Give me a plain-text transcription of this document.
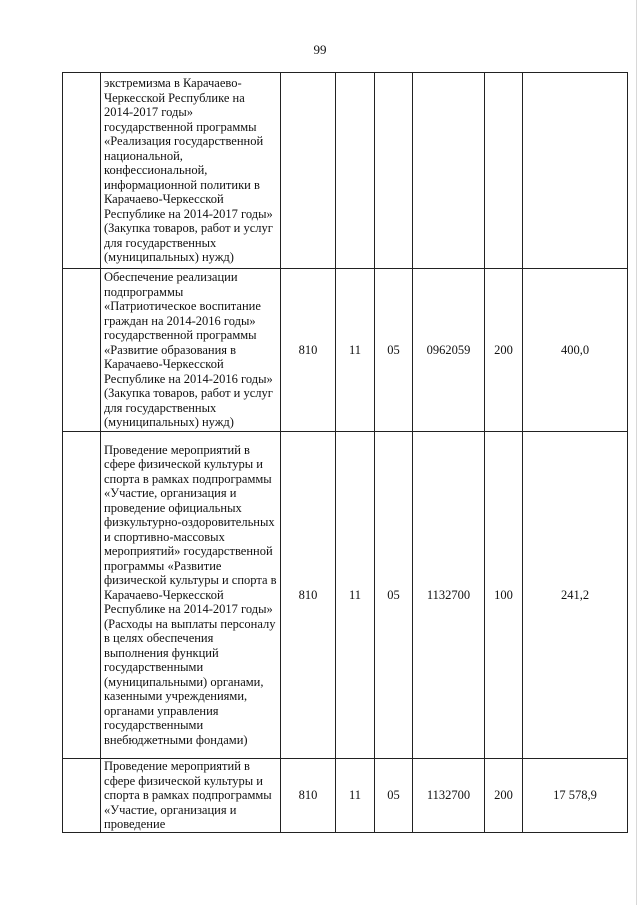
99
	экстремизма в Карачаево-Черкесской Республике на 2014-2017 годы» государственной программы «Реализация государственной национальной, конфессиональной, информационной политики в Карачаево-Черкесской Республике на 2014-2017 годы» (Закупка товаров, работ и услуг для государственных (муниципальных) нужд)						
	Обеспечение реализации подпрограммы «Патриотическое воспитание граждан на 2014-2016 годы» государственной программы «Развитие образования в Карачаево-Черкесской Республике на 2014-2016 годы» (Закупка товаров, работ и услуг для государственных (муниципальных) нужд)	810	11	05	0962059	200	400,0
	Проведение мероприятий в сфере физической культуры и спорта в рамках подпрограммы «Участие, организация и проведение официальных физкультурно-оздоровительных и спортивно-массовых мероприятий» государственной программы «Развитие физической культуры и спорта в Карачаево-Черкесской Республике на 2014-2017 годы» (Расходы на выплаты персоналу в целях обеспечения выполнения функций государственными (муниципальными) органами, казенными учреждениями, органами управления государственными внебюджетными фондами)	810	11	05	1132700	100	241,2
	Проведение мероприятий в сфере физической культуры и спорта в рамках подпрограммы «Участие, организация и проведение	810	11	05	1132700	200	17 578,9
